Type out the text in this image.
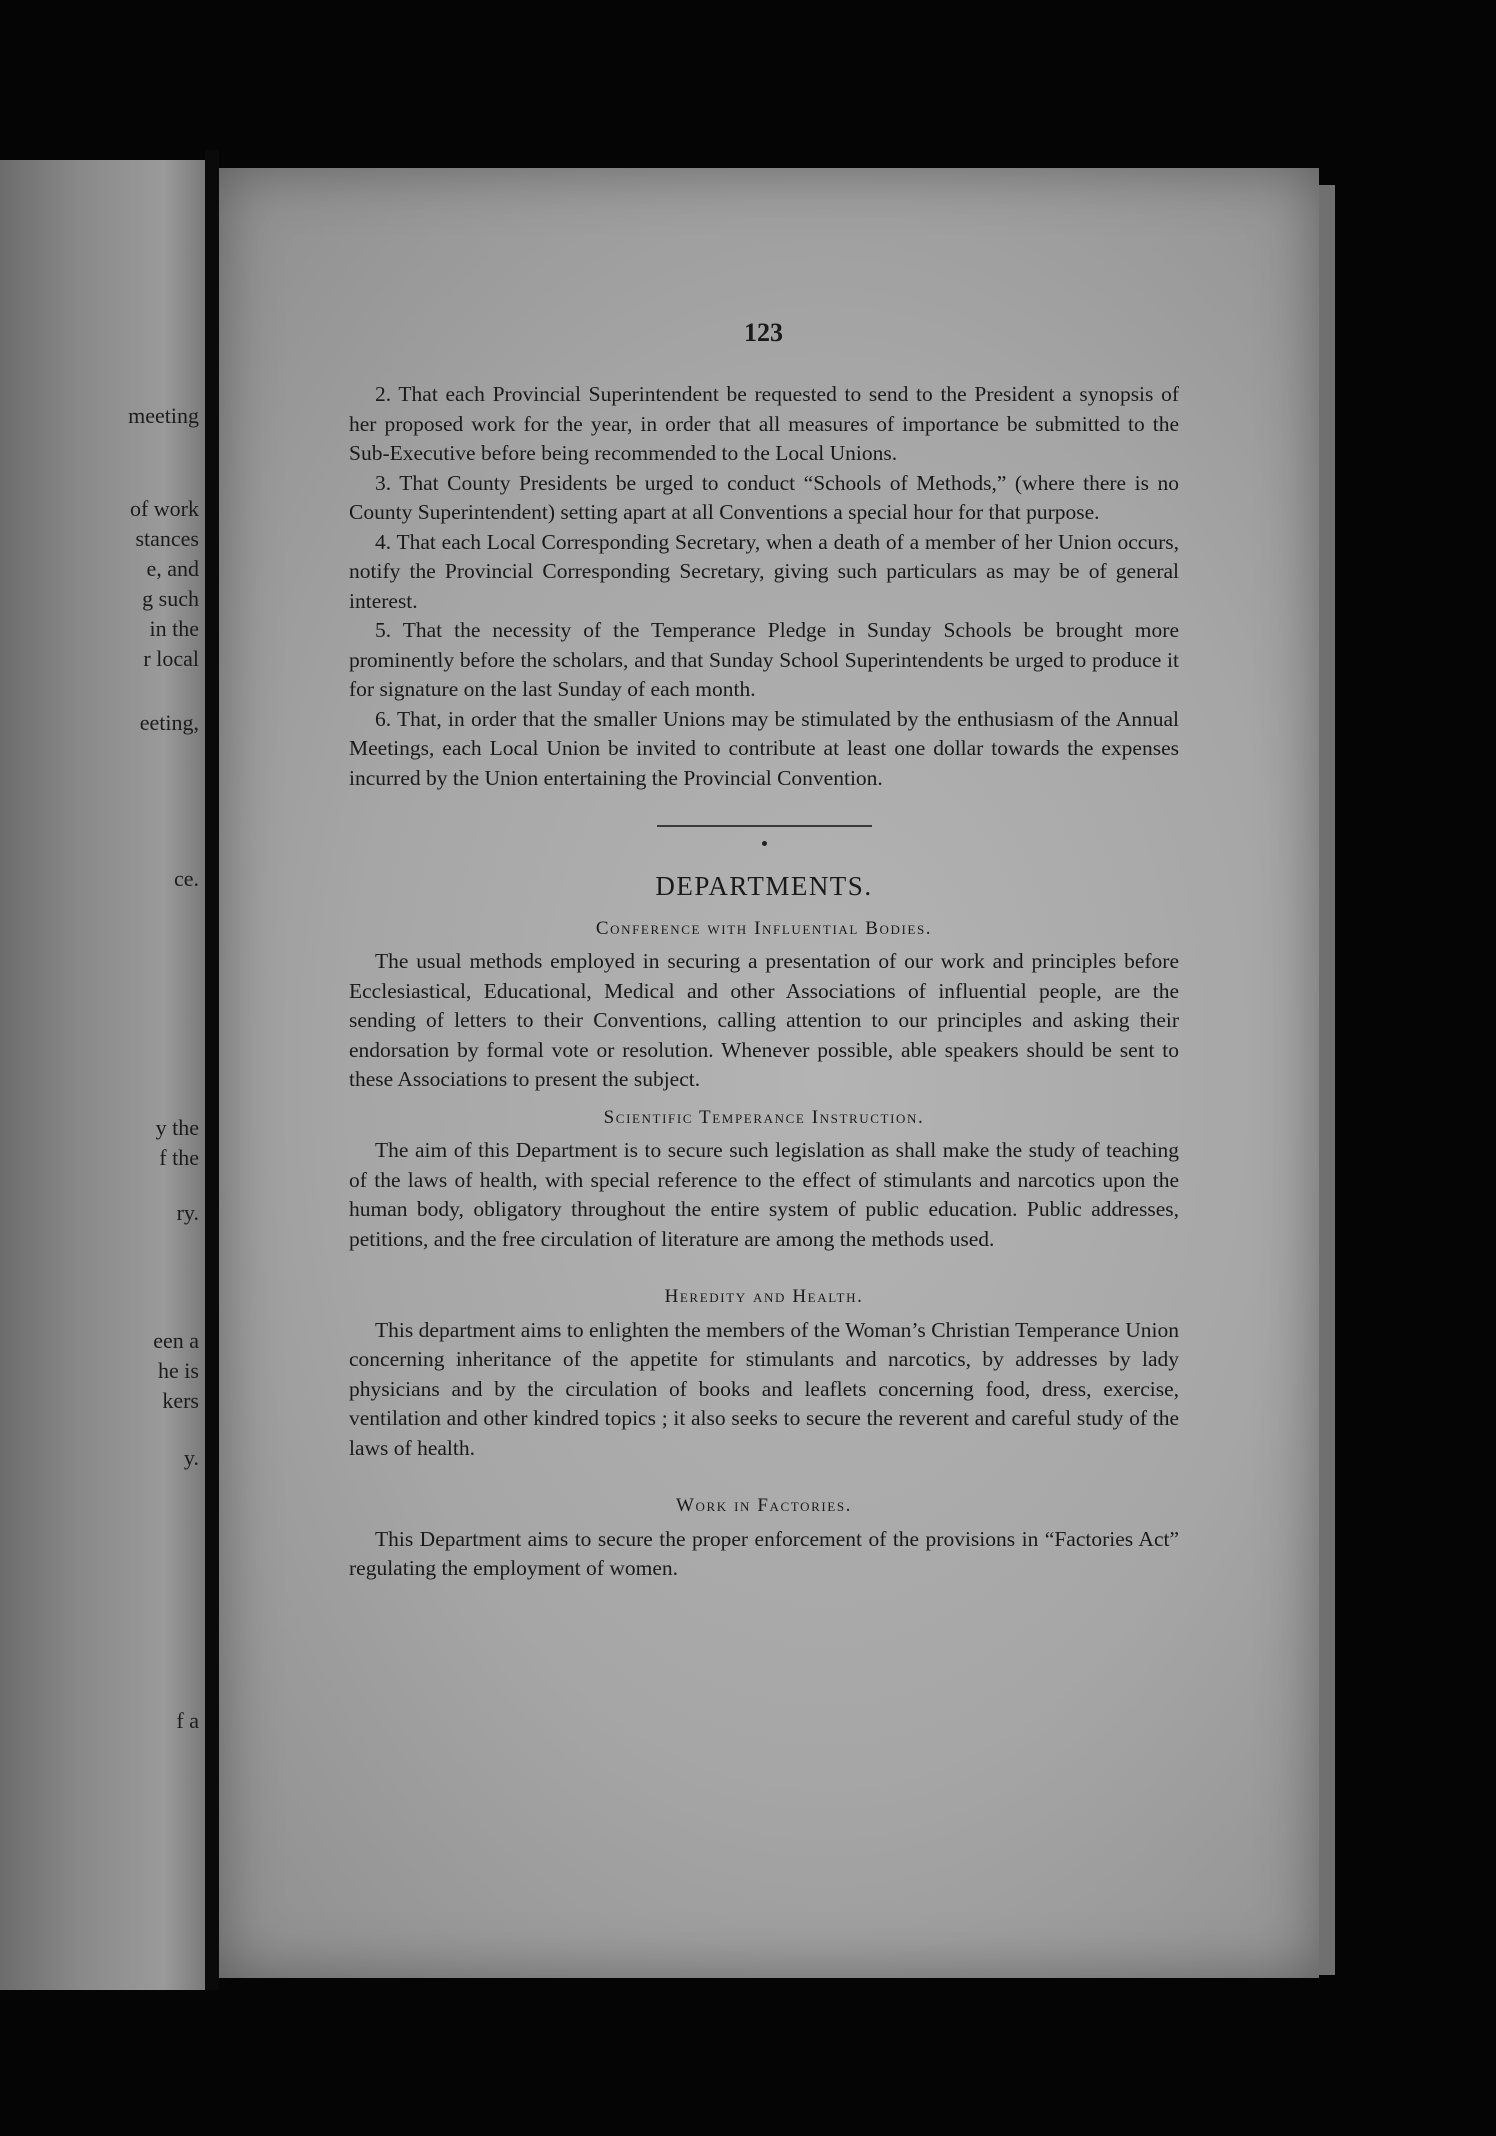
meeting
of work
stances
e, and
g such
in the
r local
eeting,
ce.
y the
f the
ry.
een a
he is
kers
y.
f a
123

2. That each Provincial Superintendent be requested to send to the President a synopsis of her proposed work for the year, in order that all measures of importance be submitted to the Sub-Executive before being recommended to the Local Unions.

3. That County Presidents be urged to conduct “Schools of Methods,” (where there is no County Superintendent) setting apart at all Conventions a special hour for that purpose.

4. That each Local Corresponding Secretary, when a death of a member of her Union occurs, notify the Provincial Corresponding Secretary, giving such particulars as may be of general interest.

5. That the necessity of the Temperance Pledge in Sunday Schools be brought more prominently before the scholars, and that Sunday School Superintendents be urged to produce it for signature on the last Sunday of each month.

6. That, in order that the smaller Unions may be stimulated by the enthusiasm of the Annual Meetings, each Local Union be invited to contribute at least one dollar towards the expenses incurred by the Union entertaining the Provincial Convention.

DEPARTMENTS.
Conference with Influential Bodies.

The usual methods employed in securing a presentation of our work and principles before Ecclesiastical, Educational, Medical and other Associations of influential people, are the sending of letters to their Conventions, calling attention to our principles and asking their endorsation by formal vote or resolution. Whenever possible, able speakers should be sent to these Associations to present the subject.

Scientific Temperance Instruction.

The aim of this Department is to secure such legislation as shall make the study of teaching of the laws of health, with special reference to the effect of stimulants and narcotics upon the human body, obligatory throughout the entire system of public education. Public addresses, petitions, and the free circulation of literature are among the methods used.

Heredity and Health.

This department aims to enlighten the members of the Woman’s Christian Temperance Union concerning inheritance of the appetite for stimulants and narcotics, by addresses by lady physicians and by the circulation of books and leaflets concerning food, dress, exercise, ventilation and other kindred topics ; it also seeks to secure the reverent and careful study of the laws of health.

Work in Factories.

This Department aims to secure the proper enforcement of the provisions in “Factories Act” regulating the employment of women.
